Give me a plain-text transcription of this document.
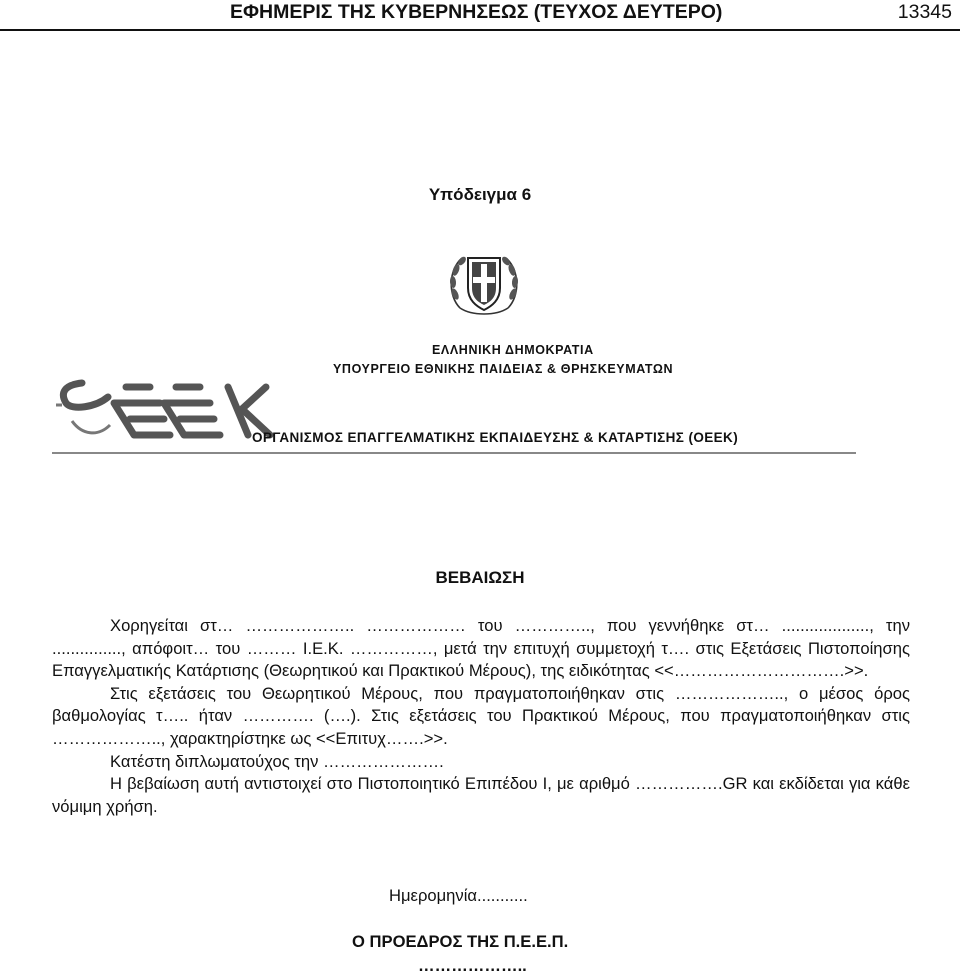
ΕΦΗΜΕΡΙΣ ΤΗΣ ΚΥΒΕΡΝΗΣΕΩΣ (ΤΕΥΧΟΣ ΔΕΥΤΕΡΟ)	13345
Υπόδειγμα 6
ΕΛΛΗΝΙΚΗ ΔΗΜΟΚΡΑΤΙΑ
ΥΠΟΥΡΓΕΙΟ ΕΘΝΙΚΗΣ ΠΑΙΔΕΙΑΣ & ΘΡΗΣΚΕΥΜΑΤΩΝ
ΟΡΓΑΝΙΣΜΟΣ ΕΠΑΓΓΕΛΜΑΤΙΚΗΣ ΕΚΠΑΙΔΕΥΣΗΣ & ΚΑΤΑΡΤΙΣΗΣ (ΟΕΕΚ)
ΒΕΒΑΙΩΣΗ

Χορηγείται στ… ……………….. ……………… του ………….., που γεννήθηκε στ… ..................., την ..............., απόφοιτ… του ……… Ι.Ε.Κ. ……………, μετά την επιτυχή συμμετοχή τ…. στις Εξετάσεις Πιστοποίησης Επαγγελματικής Κατάρτισης (Θεωρητικού και Πρακτικού Μέρους), της ειδικότητας <<………………………….>>.

Στις εξετάσεις του Θεωρητικού Μέρους, που πραγματοποιήθηκαν στις ……………….., ο μέσος όρος βαθμολογίας τ….. ήταν …………. (….). Στις εξετάσεις του Πρακτικού Μέρους, που πραγματοποιήθηκαν στις ……………….., χαρακτηρίστηκε ως <<Επιτυχ…….>>.

Κατέστη διπλωματούχος την ………………….

Η βεβαίωση αυτή αντιστοιχεί στο Πιστοποιητικό Επιπέδου Ι, με αριθμό …………….GR και εκδίδεται για κάθε νόμιμη χρήση.

Ημερομηνία...........
Ο ΠΡΟΕΔΡΟΣ ΤΗΣ Π.Ε.Ε.Π.
………………..
